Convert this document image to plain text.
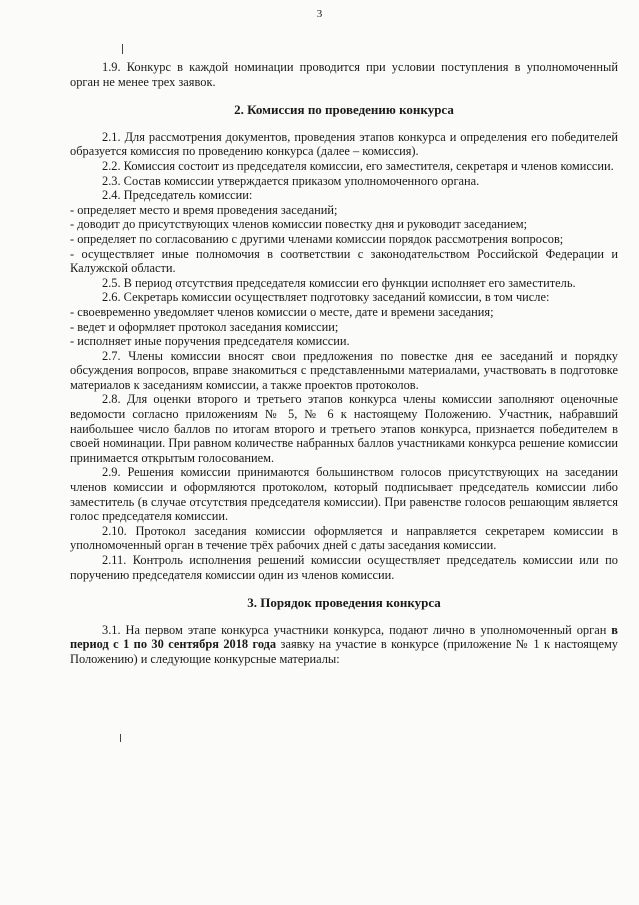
3

1.9. Конкурс в каждой номинации проводится при условии поступления в уполномоченный орган не менее трех заявок.

2. Комиссия по проведению конкурса

2.1. Для рассмотрения документов, проведения этапов конкурса и определения его победителей образуется комиссия по проведению конкурса (далее – комиссия).

2.2. Комиссия состоит из председателя комиссии, его заместителя, секретаря и членов комиссии.

2.3. Состав комиссии утверждается приказом уполномоченного органа.

2.4. Председатель комиссии:

- определяет место и время проведения заседаний;

- доводит до присутствующих членов комиссии повестку дня и руководит заседанием;

- определяет по согласованию с другими членами комиссии порядок рассмотрения вопросов;

- осуществляет иные полномочия в соответствии с законодательством Российской Федерации и Калужской области.

2.5. В период отсутствия председателя комиссии его функции исполняет его заместитель.

2.6. Секретарь комиссии осуществляет подготовку заседаний комиссии, в том числе:

- своевременно уведомляет членов комиссии о месте, дате и времени заседания;

- ведет и оформляет протокол заседания комиссии;

- исполняет иные поручения председателя комиссии.

2.7. Члены комиссии вносят свои предложения по повестке дня ее заседаний и порядку обсуждения вопросов, вправе знакомиться с представленными материалами, участвовать в подготовке материалов к заседаниям комиссии, а также проектов протоколов.

2.8. Для оценки второго и третьего этапов конкурса члены комиссии заполняют оценочные ведомости согласно приложениям № 5, № 6 к настоящему Положению. Участник, набравший наибольшее число баллов по итогам второго и третьего этапов конкурса, признается победителем в своей номинации. При равном количестве набранных баллов участниками конкурса решение комиссии принимается открытым голосованием.

2.9. Решения комиссии принимаются большинством голосов присутствующих на заседании членов комиссии и оформляются протоколом, который подписывает председатель комиссии либо заместитель (в случае отсутствия председателя комиссии). При равенстве голосов решающим является голос председателя комиссии.

2.10. Протокол заседания комиссии оформляется и направляется секретарем комиссии в уполномоченный орган в течение трёх рабочих дней с даты заседания комиссии.

2.11. Контроль исполнения решений комиссии осуществляет председатель комиссии или по поручению председателя комиссии один из членов комиссии.

3. Порядок проведения конкурса

3.1. На первом этапе конкурса участники конкурса, подают лично в уполномоченный орган в период с 1 по 30 сентября 2018 года заявку на участие в конкурсе (приложение № 1 к настоящему Положению) и следующие конкурсные материалы:
